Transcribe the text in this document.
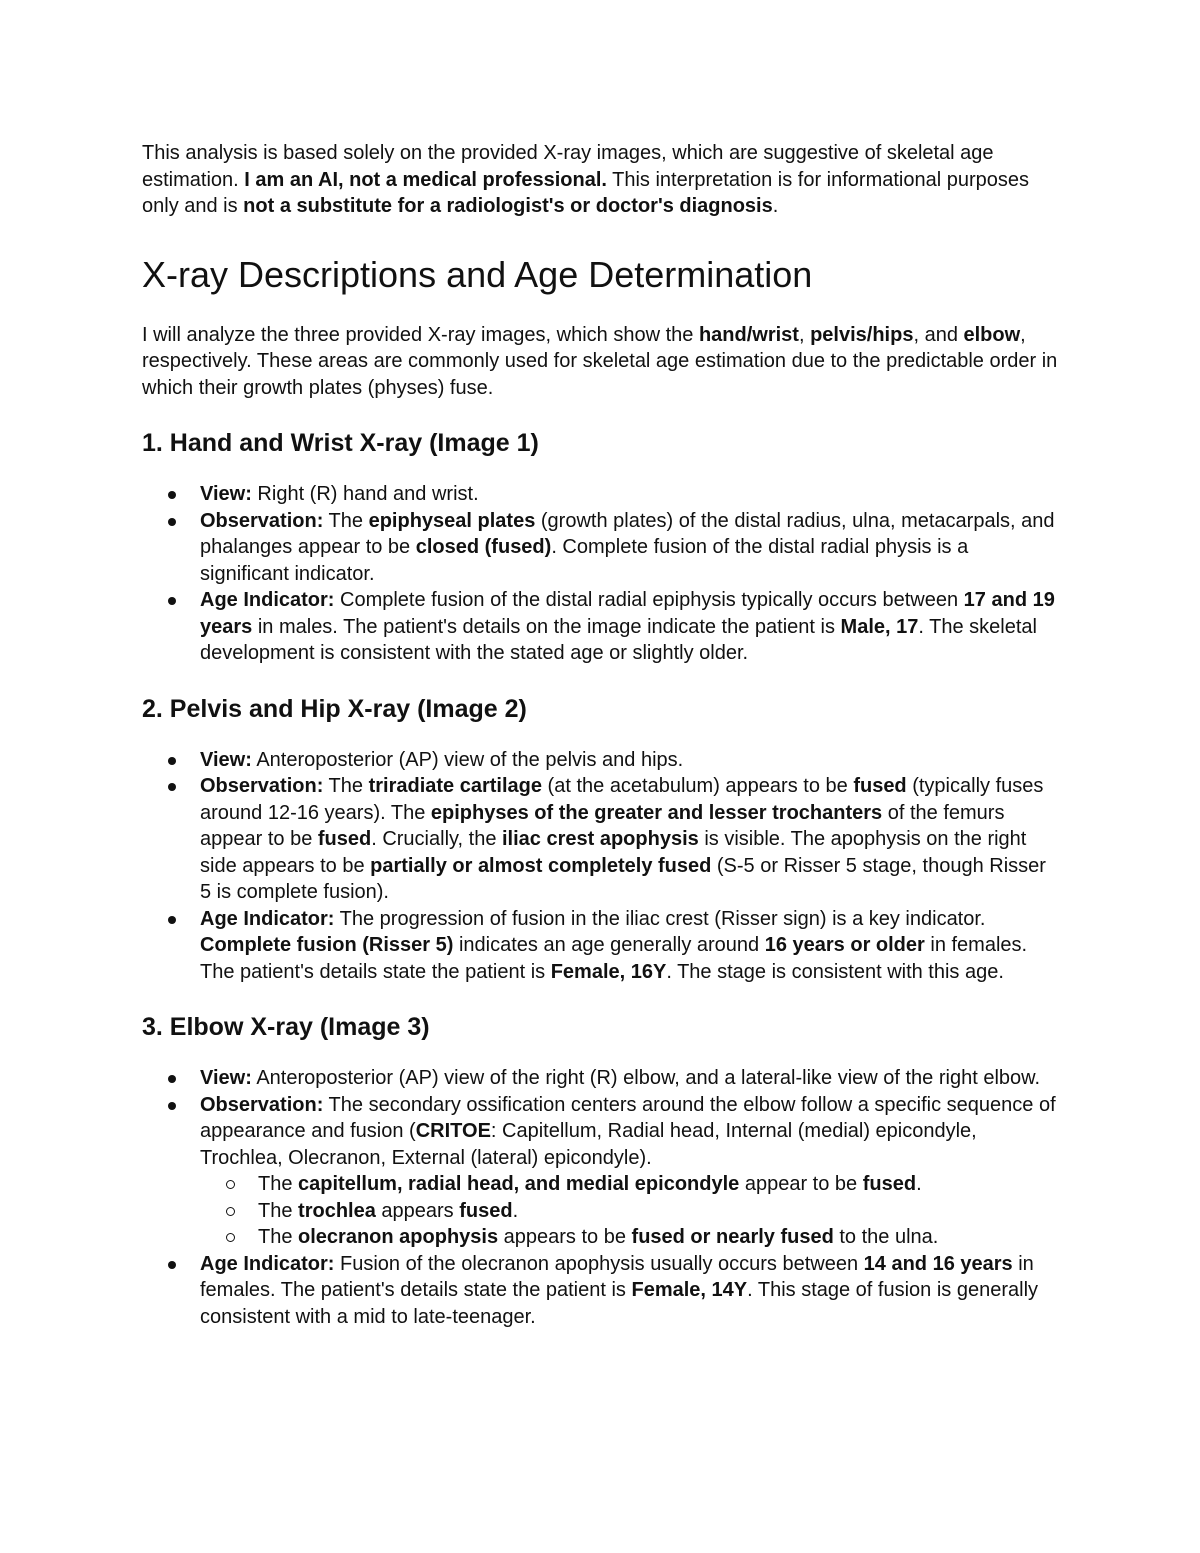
This analysis is based solely on the provided X-ray images, which are suggestive of skeletal age estimation. I am an AI, not a medical professional. This interpretation is for informational purposes only and is not a substitute for a radiologist's or doctor's diagnosis.

X-ray Descriptions and Age Determination

I will analyze the three provided X-ray images, which show the hand/wrist, pelvis/hips, and elbow, respectively. These areas are commonly used for skeletal age estimation due to the predictable order in which their growth plates (physes) fuse.

1. Hand and Wrist X-ray (Image 1)
View: Right (R) hand and wrist.
Observation: The epiphyseal plates (growth plates) of the distal radius, ulna, metacarpals, and phalanges appear to be closed (fused). Complete fusion of the distal radial physis is a significant indicator.
Age Indicator: Complete fusion of the distal radial epiphysis typically occurs between 17 and 19 years in males. The patient's details on the image indicate the patient is Male, 17. The skeletal development is consistent with the stated age or slightly older.
2. Pelvis and Hip X-ray (Image 2)
View: Anteroposterior (AP) view of the pelvis and hips.
Observation: The triradiate cartilage (at the acetabulum) appears to be fused (typically fuses around 12-16 years). The epiphyses of the greater and lesser trochanters of the femurs appear to be fused. Crucially, the iliac crest apophysis is visible. The apophysis on the right side appears to be partially or almost completely fused (S-5 or Risser 5 stage, though Risser 5 is complete fusion).
Age Indicator: The progression of fusion in the iliac crest (Risser sign) is a key indicator. Complete fusion (Risser 5) indicates an age generally around 16 years or older in females. The patient's details state the patient is Female, 16Y. The stage is consistent with this age.
3. Elbow X-ray (Image 3)
View: Anteroposterior (AP) view of the right (R) elbow, and a lateral-like view of the right elbow.
Observation: The secondary ossification centers around the elbow follow a specific sequence of appearance and fusion (CRITOE: Capitellum, Radial head, Internal (medial) epicondyle, Trochlea, Olecranon, External (lateral) epicondyle).
The capitellum, radial head, and medial epicondyle appear to be fused.
The trochlea appears fused.
The olecranon apophysis appears to be fused or nearly fused to the ulna.
Age Indicator: Fusion of the olecranon apophysis usually occurs between 14 and 16 years in females. The patient's details state the patient is Female, 14Y. This stage of fusion is generally consistent with a mid to late-teenager.
